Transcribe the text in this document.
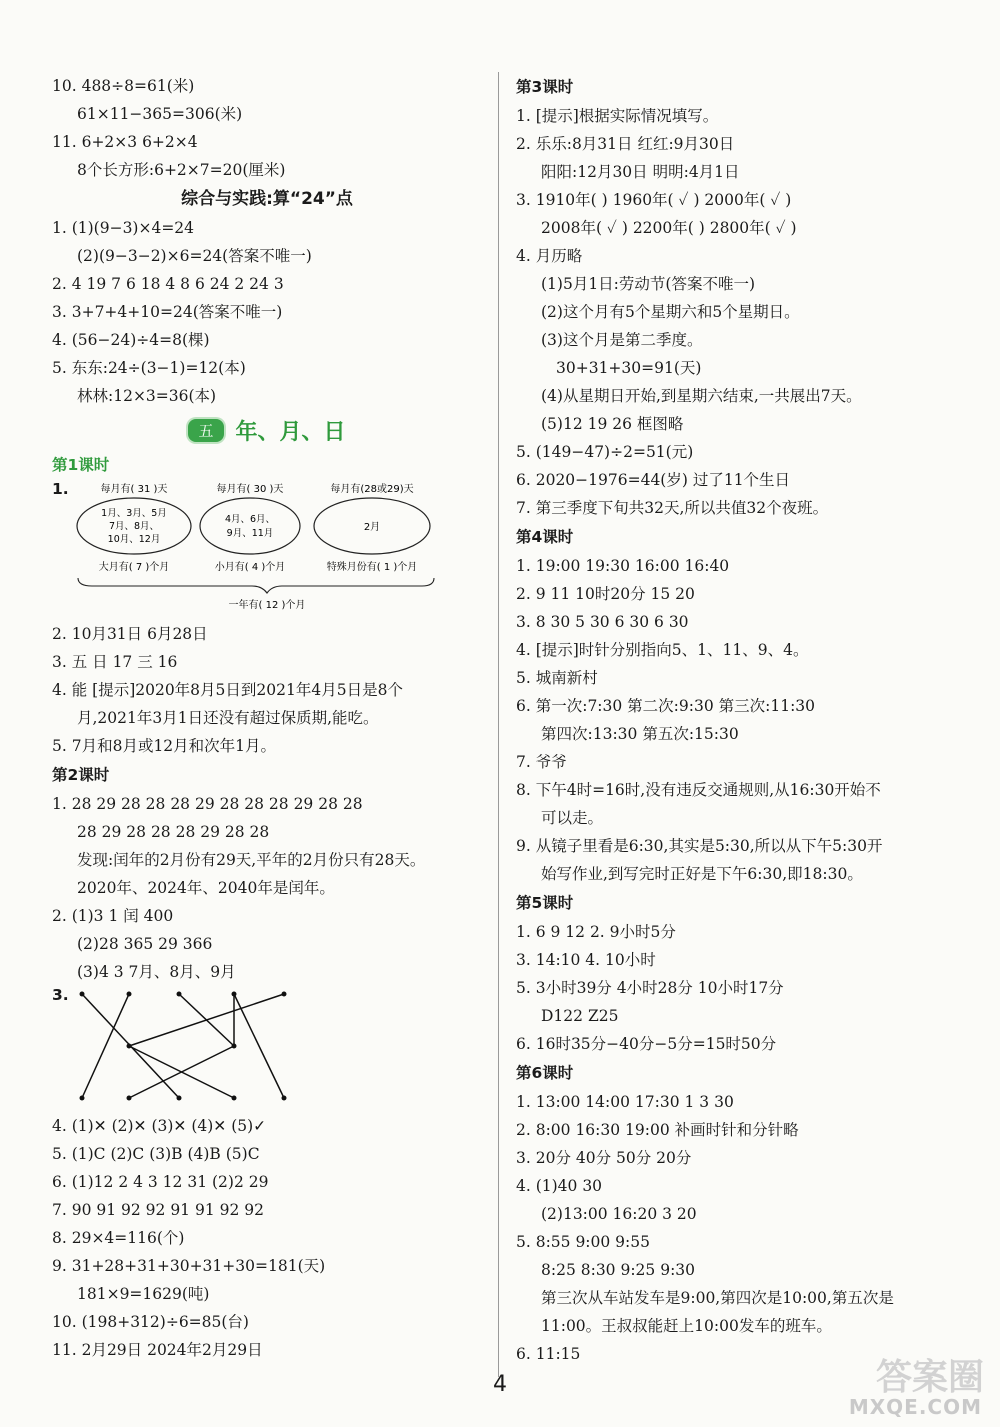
10. 488÷8=61(米)
61×11−365=306(米)
11. 6+2×3 6+2×4
8个长方形:6+2×7=20(厘米)
综合与实践:算“24”点
1. (1)(9−3)×4=24
(2)(9−3−2)×6=24(答案不唯一)
2. 4 19 7 6 18 4 8 6 24 2 24 3
3. 3+7+4+10=24(答案不唯一)
4. (56−24)÷4=8(棵)
5. 东东:24÷(3−1)=12(本)
林林:12×3=36(本)
五	年、月、日
第1课时
1.	每月有( 31 )天	每月有( 30 )天	每月有(28或29)天
1月、3月、5月
7月、8月、
10月、12月
4月、6月、
9月、11月
2月
大月有( 7 )个月	小月有( 4 )个月	特殊月份有( 1 )个月
一年有( 12 )个月
2. 10月31日 6月28日
3. 五 日 17 三 16
4. 能 [提示]2020年8月5日到2021年4月5日是8个
月,2021年3月1日还没有超过保质期,能吃。
5. 7月和8月或12月和次年1月。
第2课时
1. 28 29 28 28 28 29 28 28 28 29 28 28
28 29 28 28 28 29 28 28
发现:闰年的2月份有29天,平年的2月份只有28天。
2020年、2024年、2040年是闰年。
2. (1)3 1 闰 400
(2)28 365 29 366
(3)4 3 7月、8月、9月
3.
4. (1)✕ (2)✕ (3)✕ (4)✕ (5)✓
5. (1)C (2)C (3)B (4)B (5)C
6. (1)12 2 4 3 12 31 (2)2 29
7. 90 91 92 92 91 91 92 92
8. 29×4=116(个)
9. 31+28+31+30+31+30=181(天)
181×9=1629(吨)
10. (198+312)÷6=85(台)
11. 2月29日 2024年2月29日
第3课时
1. [提示]根据实际情况填写。
2. 乐乐:8月31日 红红:9月30日
阳阳:12月30日 明明:4月1日
3. 1910年( ) 1960年( ✓ ) 2000年( ✓ )
2008年( ✓ ) 2200年( ) 2800年( ✓ )
4. 月历略
(1)5月1日:劳动节(答案不唯一)
(2)这个月有5个星期六和5个星期日。
(3)这个月是第二季度。
30+31+30=91(天)
(4)从星期日开始,到星期六结束,一共展出7天。
(5)12 19 26 框图略
5. (149−47)÷2=51(元)
6. 2020−1976=44(岁) 过了11个生日
7. 第三季度下旬共32天,所以共值32个夜班。
第4课时
1. 19:00 19:30 16:00 16:40
2. 9 11 10时20分 15 20
3. 8 30 5 30 6 30 6 30
4. [提示]时针分别指向5、1、11、9、4。
5. 城南新村
6. 第一次:7:30 第二次:9:30 第三次:11:30
第四次:13:30 第五次:15:30
7. 爷爷
8. 下午4时=16时,没有违反交通规则,从16:30开始不
可以走。
9. 从镜子里看是6:30,其实是5:30,所以从下午5:30开
始写作业,到写完时正好是下午6:30,即18:30。
第5课时
1. 6 9 12 2. 9小时5分
3. 14:10 4. 10小时
5. 3小时39分 4小时28分 10小时17分
D122 Z25
6. 16时35分−40分−5分=15时50分
第6课时
1. 13:00 14:00 17:30 1 3 30
2. 8:00 16:30 19:00 补画时针和分针略
3. 20分 40分 50分 20分
4. (1)40 30
(2)13:00 16:20 3 20
5. 8:55 9:00 9:55
8:25 8:30 9:25 9:30
第三次从车站发车是9:00,第四次是10:00,第五次是
11:00。王叔叔能赶上10:00发车的班车。
6. 11:15
4	答案圈
MXQE.COM
